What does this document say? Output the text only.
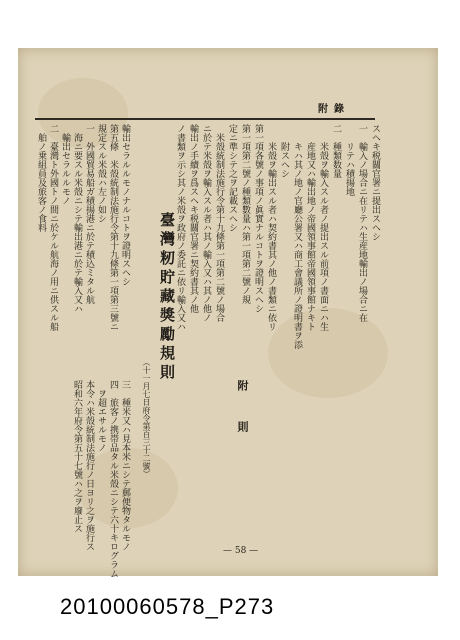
附錄
スヘキ税關官署ニ提出スヘシ
一　輸入ノ場合ニ在リテハ生産地輸出ノ場合ニ在
　　リテハ積揚地
二　種類数量
　　米殼ヲ輸入スル者ノ提出スル前項ノ書面ニハ生
　　産地又ハ輸出地ノ帝國領事館帝國領事館ナキト
　　キハ其ノ地ノ官廳公署又ハ商工會議所ノ證明書ヲ添
　　附スヘシ
　　米殼ヲ輸出スル者ハ契約書其ノ他ノ書類ニ依リ
第一項各號ノ事項ノ眞實ナルコトヲ證明スヘシ
第一項第二號ノ種類數量ハ第一項第二號ノ規
定ニ準シテ之ヲ記載スヘシ
　米殼統制法施行令第十九條第一項第二號ノ場合
ニ於テ米殼ヲ輸入スル者ハ其ノ輸入又ハ其ノ他ノ
輸出ノ手續ヲ爲スヘキ税關官署ニ契約書其ノ他
ノ書類ヲ示シ其ノ米殼ヲ政府ノ委託ニ依リ輸入又ハ
臺灣籾貯藏獎勵規則
（十一月七日府令第百三十二號）
輸出セラルルモノナルコトヲ證明スヘシ
第五條　米殼統制法施行令第十九條第一項第三號ニ
規定スル米殼ハ左ノ如シ
一　外國貿易船ガ積揚港ニ於テ積込ミタル航
　海ニ要スル米殼ニシテ輸出港ニ於テ輸入又ハ
　輸出セラルルモノ
二　臺灣ト外國トノ間ニ於ケル航海ノ用ニ供スル船
　舶ノ乗組員及旅客ノ食料
三　種米又ハ見本米ニシテ郵便物タルモノ
四　旅客ノ携帯品タル米殼ニシテ六十キログラム
　ヲ超エサルモノ	附則
本令ハ米殼統制法施行ノ日ヨリ之ヲ施行ス
昭和六年府令第五十七號ハ之ヲ廢止ス
— 58 —
20100060578_P273
